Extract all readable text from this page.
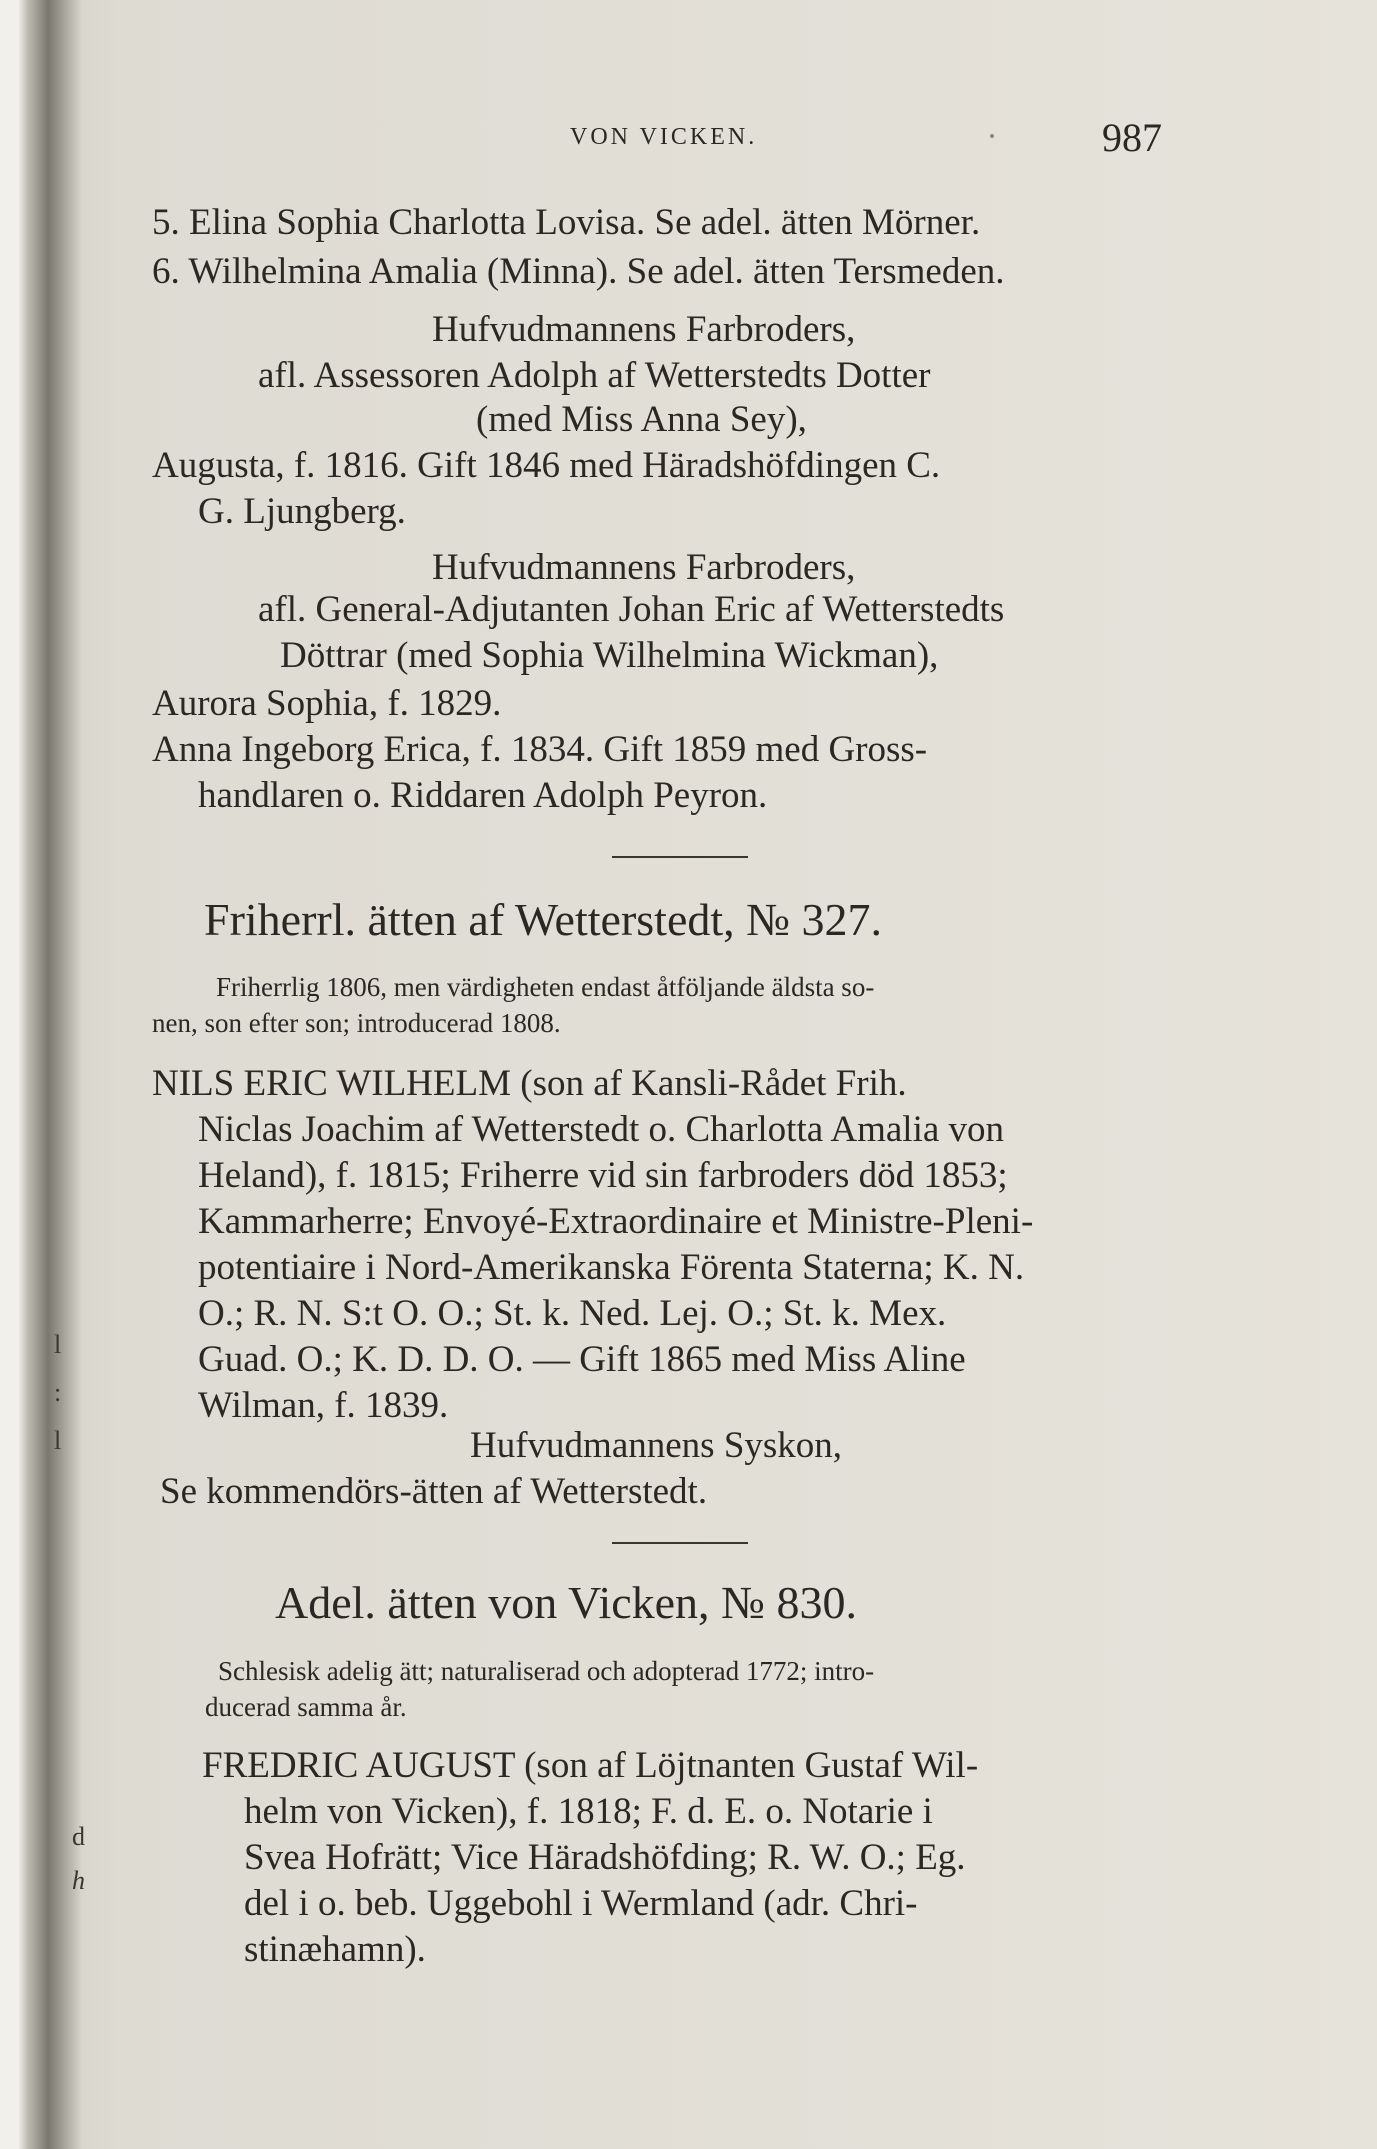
l
:
l
d
h
VON VICKEN.	987
5. Elina Sophia Charlotta Lovisa. Se adel. ätten Mörner.
6. Wilhelmina Amalia (Minna). Se adel. ätten Tersmeden.
Hufvudmannens Farbroders,
afl. Assessoren Adolph af Wetterstedts Dotter
(med Miss Anna Sey),
Augusta, f. 1816. Gift 1846 med Häradshöfdingen C.
G. Ljungberg.
Hufvudmannens Farbroders,
afl. General-Adjutanten Johan Eric af Wetterstedts
Döttrar (med Sophia Wilhelmina Wickman),
Aurora Sophia, f. 1829.
Anna Ingeborg Erica, f. 1834. Gift 1859 med Gross-
handlaren o. Riddaren Adolph Peyron.
Friherrl. ätten af Wetterstedt, № 327.
Friherrlig 1806, men värdigheten endast åtföljande äldsta so-
nen, son efter son; introducerad 1808.
NILS ERIC WILHELM (son af Kansli-Rådet Frih.
Niclas Joachim af Wetterstedt o. Charlotta Amalia von
Heland), f. 1815; Friherre vid sin farbroders död 1853;
Kammarherre; Envoyé-Extraordinaire et Ministre-Pleni-
potentiaire i Nord-Amerikanska Förenta Staterna; K. N.
O.; R. N. S:t O. O.; St. k. Ned. Lej. O.; St. k. Mex.
Guad. O.; K. D. D. O. — Gift 1865 med Miss Aline
Wilman, f. 1839.
Hufvudmannens Syskon,
Se kommendörs-ätten af Wetterstedt.
Adel. ätten von Vicken, № 830.
Schlesisk adelig ätt; naturaliserad och adopterad 1772; intro-
ducerad samma år.
FREDRIC AUGUST (son af Löjtnanten Gustaf Wil-
helm von Vicken), f. 1818; F. d. E. o. Notarie i
Svea Hofrätt; Vice Häradshöfding; R. W. O.; Eg.
del i o. beb. Uggebohl i Wermland (adr. Chri-
stinæhamn).
